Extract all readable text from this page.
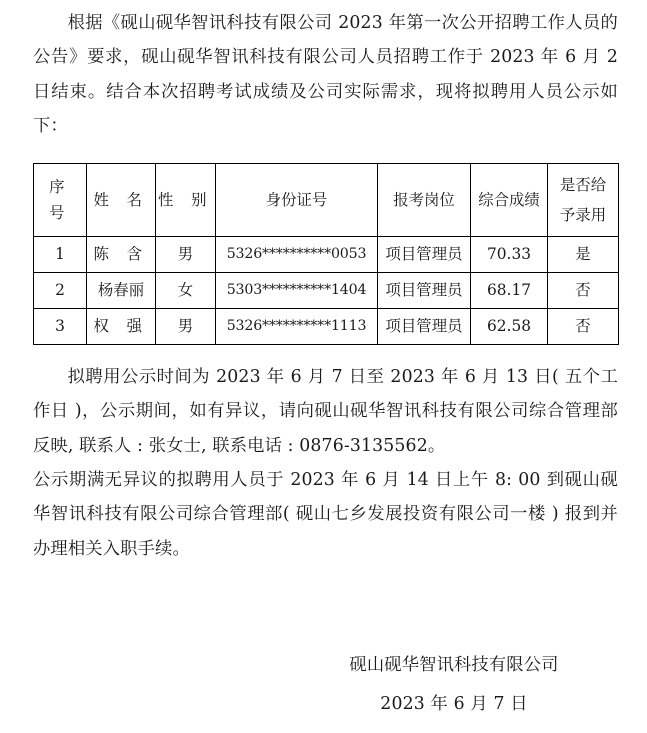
根据《砚山砚华智讯科技有限公司 2023 年第一次公开招聘工作人员的公告》要求，砚山砚华智讯科技有限公司人员招聘工作于 2023 年 6 月 2 日结束。结合本次招聘考试成绩及公司实际需求，现将拟聘用人员公示如下：

序 号	姓 名	性 别	身份证号	报考岗位	综合成绩	是否给
予录用

1	陈 含	男	5326**********0053	项目管理员	70.33	是
2	杨春丽	女	5303**********1404	项目管理员	68.17	否
3	权 强	男	5326**********1113	项目管理员	62.58	否

拟聘用公示时间为 2023 年 6 月 7 日至 2023 年 6 月 13 日( 五个工作日 )，公示期间，如有异议，请向砚山砚华智讯科技有限公司综合管理部反映, 联系人 : 张女士, 联系电话 : 0876-3135562。

公示期满无异议的拟聘用人员于 2023 年 6 月 14 日上午 8: 00 到砚山砚华智讯科技有限公司综合管理部( 砚山七乡发展投资有限公司一楼 ) 报到并办理相关入职手续。

砚山砚华智讯科技有限公司
2023 年 6 月 7 日
